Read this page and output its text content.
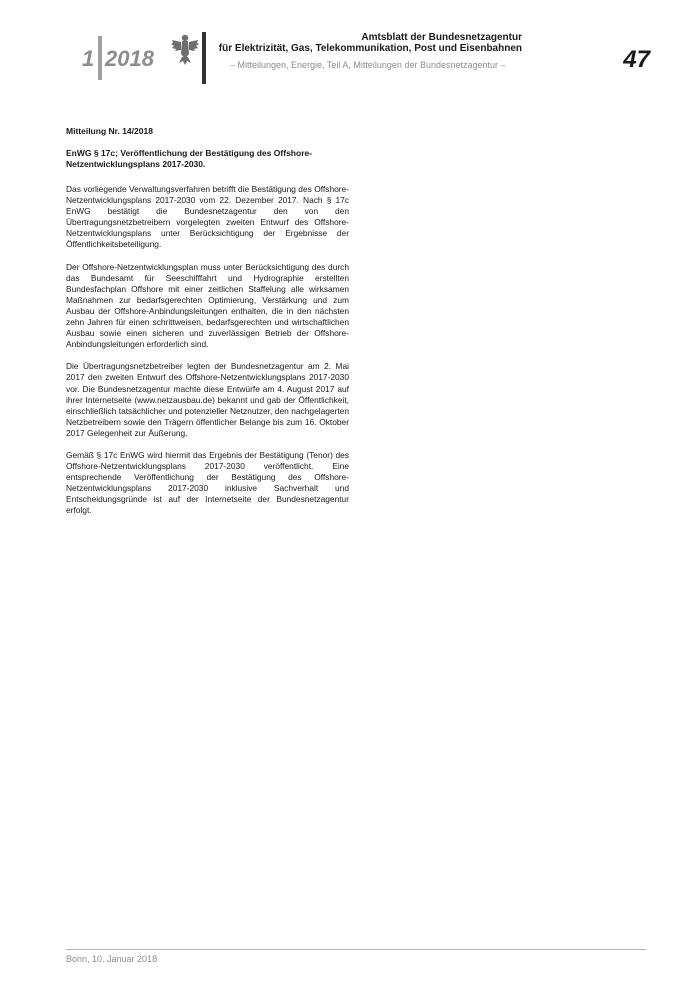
1 2018
Amtsblatt der Bundesnetzagentur
für Elektrizität, Gas, Telekommunikation, Post und Eisenbahnen
– Mitteilungen, Energie, Teil A, Mitteilungen der Bundesnetzagentur –	47

Mitteilung Nr. 14/2018

EnWG § 17c; Veröffentlichung der Bestätigung des Offshore-Netzentwicklungsplans 2017-2030.

Das vorliegende Verwaltungsverfahren betrifft die Bestätigung des Offshore-Netzentwicklungsplans 2017-2030 vom 22. Dezember 2017. Nach § 17c EnWG bestätigt die Bundesnetzagentur den von den Übertragungsnetzbetreibern vorgelegten zweiten Entwurf des Offshore-Netzentwicklungsplans unter Berücksichtigung der Ergebnisse der Öffentlichkeitsbeteiligung.

Der Offshore-Netzentwicklungsplan muss unter Berücksichtigung des durch das Bundesamt für Seeschifffahrt und Hydrographie erstellten Bundesfachplan Offshore mit einer zeitlichen Staffelung alle wirksamen Maßnahmen zur bedarfsgerechten Optimierung, Verstärkung und zum Ausbau der Offshore-Anbindungsleitungen enthalten, die in den nächsten zehn Jahren für einen schrittweisen, bedarfsgerechten und wirtschaftlichen Ausbau sowie einen sicheren und zuverlässigen Betrieb der Offshore-Anbindungsleitungen erforderlich sind.

Die Übertragungsnetzbetreiber legten der Bundesnetzagentur am 2. Mai 2017 den zweiten Entwurf des Offshore-Netzentwicklungsplans 2017-2030 vor. Die Bundesnetzagentur machte diese Entwürfe am 4. August 2017 auf ihrer Internetseite (www.netzausbau.de) bekannt und gab der Öffentlichkeit, einschließlich tatsächlicher und potenzieller Netznutzer, den nachgelagerten Netzbetreibern sowie den Trägern öffentlicher Belange bis zum 16. Oktober 2017 Gelegenheit zur Äußerung.

Gemäß § 17c EnWG wird hiermit das Ergebnis der Bestätigung (Tenor) des Offshore-Netzentwicklungsplans 2017-2030 veröffentlicht. Eine entsprechende Veröffentlichung der Bestätigung des Offshore-Netzentwicklungsplans 2017-2030 inklusive Sachverhalt und Entscheidungsgründe ist auf der Internetseite der Bundesnetzagentur erfolgt.

Bonn, 10. Januar 2018
